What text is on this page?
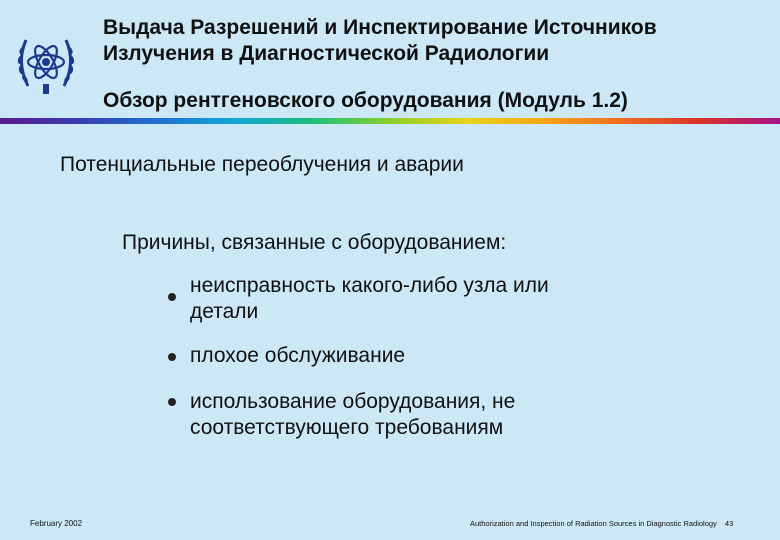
Выдача Разрешений и Инспектирование Источников
Излучения в Диагностической Радиологии
Обзор рентгеновского оборудования (Модуль 1.2)
Потенциальные переоблучения и аварии
Причины, связанные с оборудованием:
неисправность какого-либо узла или
детали
плохое обслуживание
использование оборудования, не
соответствующего требованиям
February 2002	Authorization and Inspection of Radiation Sources in Diagnostic Radiology 43
